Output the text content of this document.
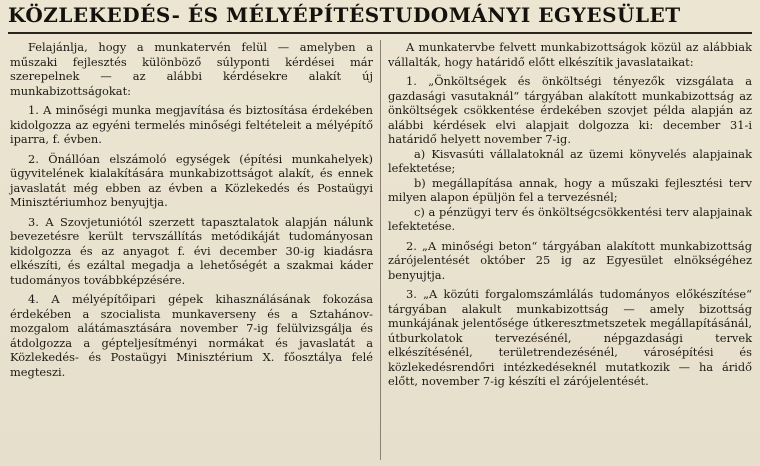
KÖZLEKEDÉS- ÉS MÉLYÉPÍTÉSTUDOMÁNYI EGYESÜLET

Felajánlja, hogy a munkatervén felül — amelyben a műszaki fejlesztés különböző súlyponti kérdései már szerepelnek — az alábbi kérdésekre alakít új munkabizottságokat:

1. A minőségi munka megjavítása és biztosítása érdekében kidolgozza az egyéni termelés minőségi feltételeit a mélyépítő iparra, f. évben.

2. Önállóan elszámoló egységek (építési munkahelyek) ügyvitelének kialakítására munkabizottságot alakít, és ennek javaslatát még ebben az évben a Közlekedés és Postaügyi Minisztériumhoz benyujtja.

3. A Szovjetuniótól szerzett tapasztalatok alapján nálunk bevezetésre került tervszállítás metódikáját tudományosan kidolgozza és az anyagot f. évi december 30-ig kiadásra elkészíti, és ezáltal megadja a lehetőségét a szakmai káder tudományos továbbképzésére.

4. A mélyépítőipari gépek kihasználásának fokozása érdekében a szocialista munkaverseny és a Sztahánov-mozgalom alátámasztására november 7-ig felülvizsgálja és átdolgozza a gépteljesítményi normákat és javaslatát a Közlekedés- és Postaügyi Minisztérium X. főosztálya felé megteszi.

A munkatervbe felvett munkabizottságok közül az alábbiak vállalták, hogy határidő előtt elkészítik javaslataikat:

1. „Önköltségek és önköltségi tényezők vizsgálata a gazdasági vasutaknál“ tárgyában alakított munkabizottság az önköltségek csökkentése érdekében szovjet példa alapján az alábbi kérdések elvi alapjait dolgozza ki: december 31-i határidő helyett november 7-ig.

a) Kisvasúti vállalatoknál az üzemi könyvelés alapjainak lefektetése;

b) megállapítása annak, hogy a műszaki fejlesztési terv milyen alapon épüljön fel a tervezésnél;

c) a pénzügyi terv és önköltségcsökkentési terv alapjainak lefektetése.

2. „A minőségi beton“ tárgyában alakított munkabizottság zárójelentését október 25 ig az Egyesület elnökségéhez benyujtja.

3. „A közúti forgalomszámlálás tudományos előkészítése“ tárgyában alakult munkabizottság — amely bizottság munkájának jelentősége útkeresztmetszetek megállapításánál, útburkolatok tervezésénél, népgazdasági tervek elkészítésénél, területrendezésénél, városépítési és közlekedésrendőri intézkedéseknél mutatkozik — ha áridő előtt, november 7-ig készíti el zárójelentését.
